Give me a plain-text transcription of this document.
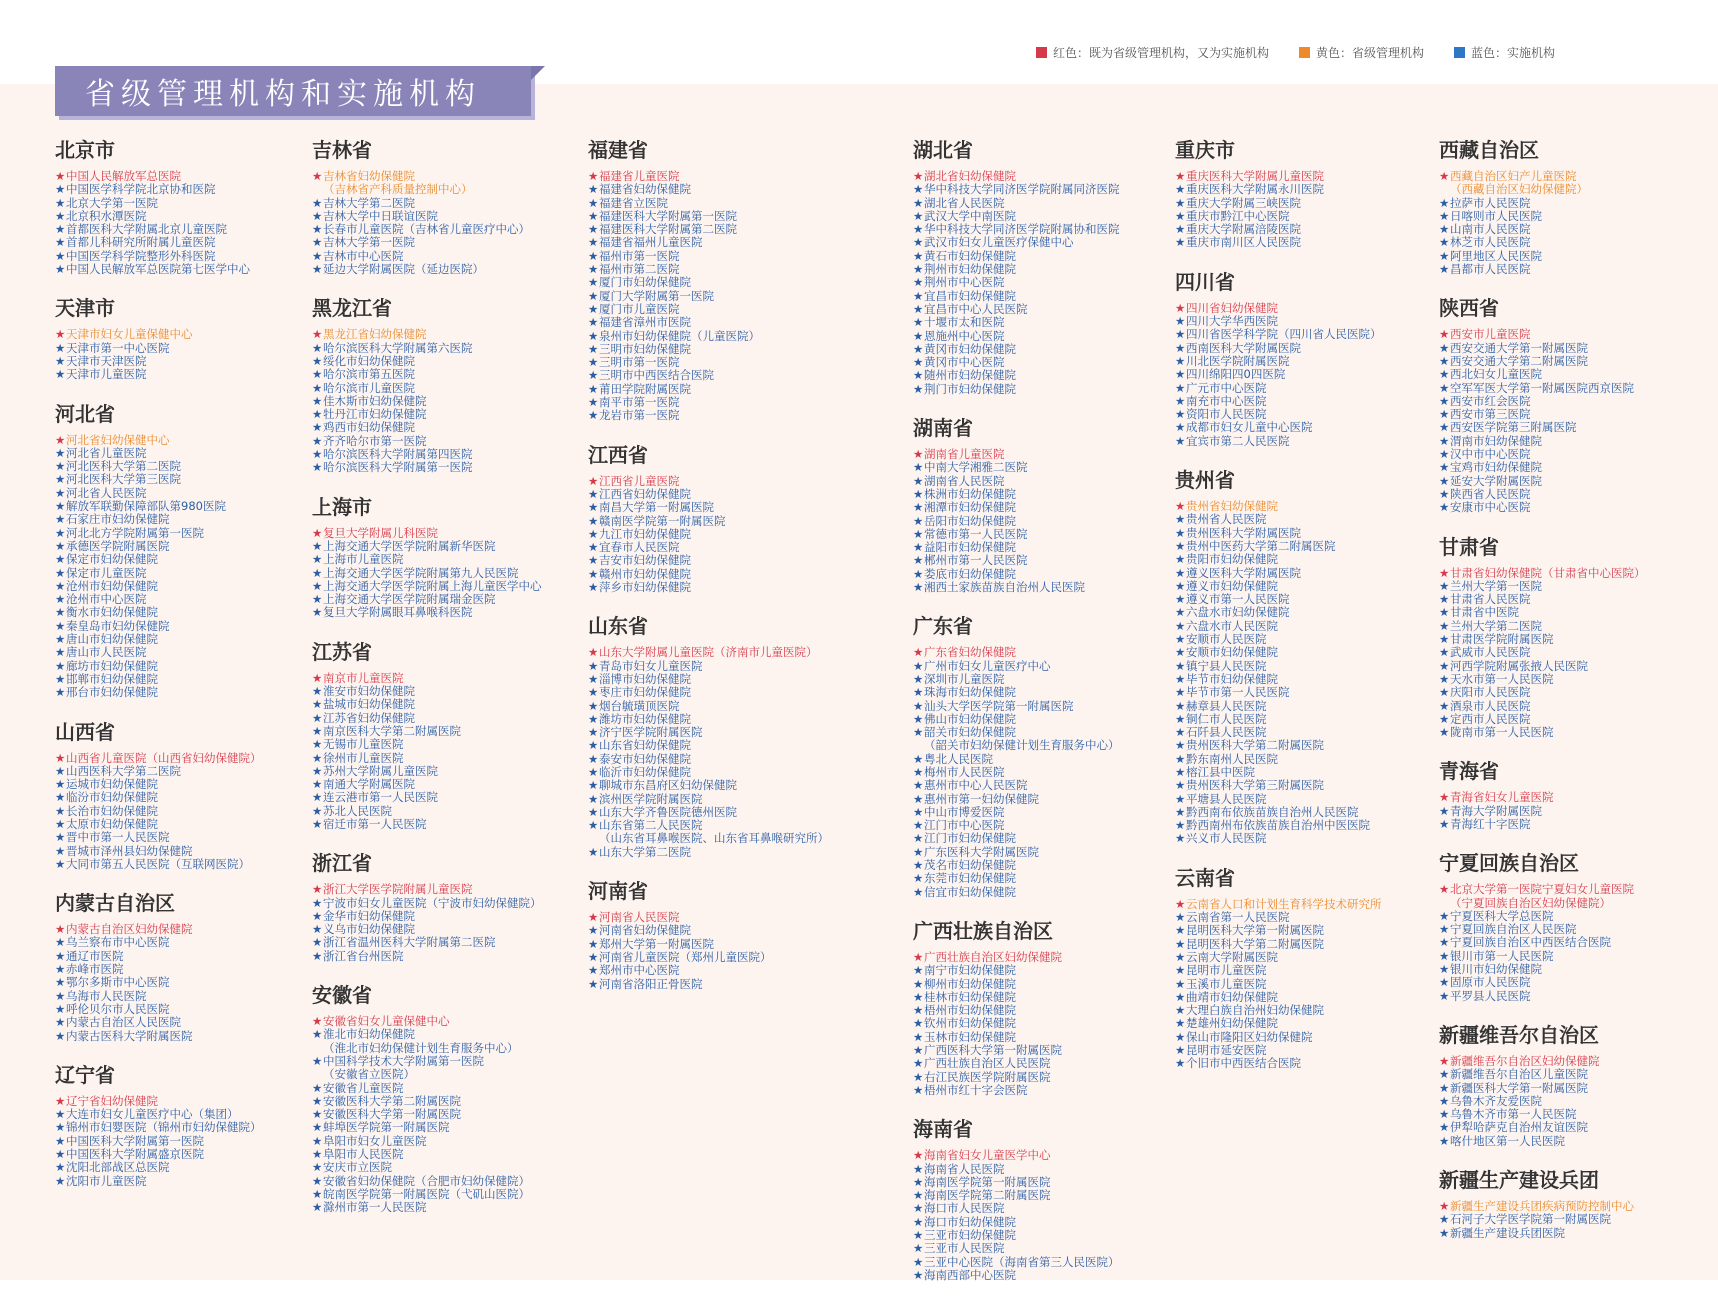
红色：既为省级管理机构，又为实施机构	黄色：省级管理机构	蓝色：实施机构
省级管理机构和实施机构
北京市
★中国人民解放军总医院
★中国医学科学院北京协和医院
★北京大学第一医院
★北京积水潭医院
★首都医科大学附属北京儿童医院
★首都儿科研究所附属儿童医院
★中国医学科学院整形外科医院
★中国人民解放军总医院第七医学中心
天津市
★天津市妇女儿童保健中心
★天津市第一中心医院
★天津市天津医院
★天津市儿童医院
河北省
★河北省妇幼保健中心
★河北省儿童医院
★河北医科大学第二医院
★河北医科大学第三医院
★河北省人民医院
★解放军联勤保障部队第980医院
★石家庄市妇幼保健院
★河北北方学院附属第一医院
★承德医学院附属医院
★保定市妇幼保健院
★保定市儿童医院
★沧州市妇幼保健院
★沧州市中心医院
★衡水市妇幼保健院
★秦皇岛市妇幼保健院
★唐山市妇幼保健院
★唐山市人民医院
★廊坊市妇幼保健院
★邯郸市妇幼保健院
★邢台市妇幼保健院
山西省
★山西省儿童医院（山西省妇幼保健院）
★山西医科大学第二医院
★运城市妇幼保健院
★临汾市妇幼保健院
★长治市妇幼保健院
★太原市妇幼保健院
★晋中市第一人民医院
★晋城市泽州县妇幼保健院
★大同市第五人民医院（互联网医院）
内蒙古自治区
★内蒙古自治区妇幼保健院
★乌兰察布市中心医院
★通辽市医院
★赤峰市医院
★鄂尔多斯市中心医院
★乌海市人民医院
★呼伦贝尔市人民医院
★内蒙古自治区人民医院
★内蒙古医科大学附属医院
辽宁省
★辽宁省妇幼保健院
★大连市妇女儿童医疗中心（集团）
★锦州市妇婴医院（锦州市妇幼保健院）
★中国医科大学附属第一医院
★中国医科大学附属盛京医院
★沈阳北部战区总医院
★沈阳市儿童医院
吉林省
★吉林省妇幼保健院
（吉林省产科质量控制中心）
★吉林大学第二医院
★吉林大学中日联谊医院
★长春市儿童医院（吉林省儿童医疗中心）
★吉林大学第一医院
★吉林市中心医院
★延边大学附属医院（延边医院）
黑龙江省
★黑龙江省妇幼保健院
★哈尔滨医科大学附属第六医院
★绥化市妇幼保健院
★哈尔滨市第五医院
★哈尔滨市儿童医院
★佳木斯市妇幼保健院
★牡丹江市妇幼保健院
★鸡西市妇幼保健院
★齐齐哈尔市第一医院
★哈尔滨医科大学附属第四医院
★哈尔滨医科大学附属第一医院
上海市
★复旦大学附属儿科医院
★上海交通大学医学院附属新华医院
★上海市儿童医院
★上海交通大学医学院附属第九人民医院
★上海交通大学医学院附属上海儿童医学中心
★上海交通大学医学院附属瑞金医院
★复旦大学附属眼耳鼻喉科医院
江苏省
★南京市儿童医院
★淮安市妇幼保健院
★盐城市妇幼保健院
★江苏省妇幼保健院
★南京医科大学第二附属医院
★无锡市儿童医院
★徐州市儿童医院
★苏州大学附属儿童医院
★南通大学附属医院
★连云港市第一人民医院
★苏北人民医院
★宿迁市第一人民医院
浙江省
★浙江大学医学院附属儿童医院
★宁波市妇女儿童医院（宁波市妇幼保健院）
★金华市妇幼保健院
★义乌市妇幼保健院
★浙江省温州医科大学附属第二医院
★浙江省台州医院
安徽省
★安徽省妇女儿童保健中心
★淮北市妇幼保健院
（淮北市妇幼保健计划生育服务中心）
★中国科学技术大学附属第一医院
（安徽省立医院）
★安徽省儿童医院
★安徽医科大学第二附属医院
★安徽医科大学第一附属医院
★蚌埠医学院第一附属医院
★阜阳市妇女儿童医院
★阜阳市人民医院
★安庆市立医院
★安徽省妇幼保健院（合肥市妇幼保健院）
★皖南医学院第一附属医院（弋矶山医院）
★滁州市第一人民医院
福建省
★福建省儿童医院
★福建省妇幼保健院
★福建省立医院
★福建医科大学附属第一医院
★福建医科大学附属第二医院
★福建省福州儿童医院
★福州市第一医院
★福州市第二医院
★厦门市妇幼保健院
★厦门大学附属第一医院
★厦门市儿童医院
★福建省漳州市医院
★泉州市妇幼保健院（儿童医院）
★三明市妇幼保健院
★三明市第一医院
★三明市中西医结合医院
★莆田学院附属医院
★南平市第一医院
★龙岩市第一医院
江西省
★江西省儿童医院
★江西省妇幼保健院
★南昌大学第一附属医院
★赣南医学院第一附属医院
★九江市妇幼保健院
★宜春市人民医院
★吉安市妇幼保健院
★赣州市妇幼保健院
★萍乡市妇幼保健院
山东省
★山东大学附属儿童医院（济南市儿童医院）
★青岛市妇女儿童医院
★淄博市妇幼保健院
★枣庄市妇幼保健院
★烟台毓璜顶医院
★潍坊市妇幼保健院
★济宁医学院附属医院
★山东省妇幼保健院
★泰安市妇幼保健院
★临沂市妇幼保健院
★聊城市东昌府区妇幼保健院
★滨州医学院附属医院
★山东大学齐鲁医院德州医院
★山东省第二人民医院
（山东省耳鼻喉医院、山东省耳鼻喉研究所）
★山东大学第二医院
河南省
★河南省人民医院
★河南省妇幼保健院
★郑州大学第一附属医院
★河南省儿童医院（郑州儿童医院）
★郑州市中心医院
★河南省洛阳正骨医院
湖北省
★湖北省妇幼保健院
★华中科技大学同济医学院附属同济医院
★湖北省人民医院
★武汉大学中南医院
★华中科技大学同济医学院附属协和医院
★武汉市妇女儿童医疗保健中心
★黄石市妇幼保健院
★荆州市妇幼保健院
★荆州市中心医院
★宜昌市妇幼保健院
★宜昌市中心人民医院
★十堰市太和医院
★恩施州中心医院
★黄冈市妇幼保健院
★黄冈市中心医院
★随州市妇幼保健院
★荆门市妇幼保健院
湖南省
★湖南省儿童医院
★中南大学湘雅二医院
★湖南省人民医院
★株洲市妇幼保健院
★湘潭市妇幼保健院
★岳阳市妇幼保健院
★常德市第一人民医院
★益阳市妇幼保健院
★郴州市第一人民医院
★娄底市妇幼保健院
★湘西土家族苗族自治州人民医院
广东省
★广东省妇幼保健院
★广州市妇女儿童医疗中心
★深圳市儿童医院
★珠海市妇幼保健院
★汕头大学医学院第一附属医院
★佛山市妇幼保健院
★韶关市妇幼保健院
（韶关市妇幼保健计划生育服务中心）
★粤北人民医院
★梅州市人民医院
★惠州市中心人民医院
★惠州市第一妇幼保健院
★中山市博爱医院
★江门市中心医院
★江门市妇幼保健院
★广东医科大学附属医院
★茂名市妇幼保健院
★东莞市妇幼保健院
★信宜市妇幼保健院
广西壮族自治区
★广西壮族自治区妇幼保健院
★南宁市妇幼保健院
★柳州市妇幼保健院
★桂林市妇幼保健院
★梧州市妇幼保健院
★钦州市妇幼保健院
★玉林市妇幼保健院
★广西医科大学第一附属医院
★广西壮族自治区人民医院
★右江民族医学院附属医院
★梧州市红十字会医院
海南省
★海南省妇女儿童医学中心
★海南省人民医院
★海南医学院第一附属医院
★海南医学院第二附属医院
★海口市人民医院
★海口市妇幼保健院
★三亚市妇幼保健院
★三亚市人民医院
★三亚中心医院（海南省第三人民医院）
★海南西部中心医院
重庆市
★重庆医科大学附属儿童医院
★重庆医科大学附属永川医院
★重庆大学附属三峡医院
★重庆市黔江中心医院
★重庆大学附属涪陵医院
★重庆市南川区人民医院
四川省
★四川省妇幼保健院
★四川大学华西医院
★四川省医学科学院（四川省人民医院）
★西南医科大学附属医院
★川北医学院附属医院
★四川绵阳四0四医院
★广元市中心医院
★南充市中心医院
★资阳市人民医院
★成都市妇女儿童中心医院
★宜宾市第二人民医院
贵州省
★贵州省妇幼保健院
★贵州省人民医院
★贵州医科大学附属医院
★贵州中医药大学第二附属医院
★贵阳市妇幼保健院
★遵义医科大学附属医院
★遵义市妇幼保健院
★遵义市第一人民医院
★六盘水市妇幼保健院
★六盘水市人民医院
★安顺市人民医院
★安顺市妇幼保健院
★镇宁县人民医院
★毕节市妇幼保健院
★毕节市第一人民医院
★赫章县人民医院
★铜仁市人民医院
★石阡县人民医院
★贵州医科大学第二附属医院
★黔东南州人民医院
★榕江县中医院
★贵州医科大学第三附属医院
★平塘县人民医院
★黔西南布依族苗族自治州人民医院
★黔西南州布依族苗族自治州中医医院
★兴义市人民医院
云南省
★云南省人口和计划生育科学技术研究所
★云南省第一人民医院
★昆明医科大学第一附属医院
★昆明医科大学第二附属医院
★云南大学附属医院
★昆明市儿童医院
★玉溪市儿童医院
★曲靖市妇幼保健院
★大理白族自治州妇幼保健院
★楚雄州妇幼保健院
★保山市隆阳区妇幼保健院
★昆明市延安医院
★个旧市中西医结合医院
西藏自治区
★西藏自治区妇产儿童医院
（西藏自治区妇幼保健院）
★拉萨市人民医院
★日喀则市人民医院
★山南市人民医院
★林芝市人民医院
★阿里地区人民医院
★昌都市人民医院
陕西省
★西安市儿童医院
★西安交通大学第一附属医院
★西安交通大学第二附属医院
★西北妇女儿童医院
★空军军医大学第一附属医院西京医院
★西安市红会医院
★西安市第三医院
★西安医学院第三附属医院
★渭南市妇幼保健院
★汉中市中心医院
★宝鸡市妇幼保健院
★延安大学附属医院
★陕西省人民医院
★安康市中心医院
甘肃省
★甘肃省妇幼保健院（甘肃省中心医院）
★兰州大学第一医院
★甘肃省人民医院
★甘肃省中医院
★兰州大学第二医院
★甘肃医学院附属医院
★武威市人民医院
★河西学院附属张掖人民医院
★天水市第一人民医院
★庆阳市人民医院
★酒泉市人民医院
★定西市人民医院
★陇南市第一人民医院
青海省
★青海省妇女儿童医院
★青海大学附属医院
★青海红十字医院
宁夏回族自治区
★北京大学第一医院宁夏妇女儿童医院
（宁夏回族自治区妇幼保健院）
★宁夏医科大学总医院
★宁夏回族自治区人民医院
★宁夏回族自治区中西医结合医院
★银川市第一人民医院
★银川市妇幼保健院
★固原市人民医院
★平罗县人民医院
新疆维吾尔自治区
★新疆维吾尔自治区妇幼保健院
★新疆维吾尔自治区儿童医院
★新疆医科大学第一附属医院
★乌鲁木齐友爱医院
★乌鲁木齐市第一人民医院
★伊犁哈萨克自治州友谊医院
★喀什地区第一人民医院
新疆生产建设兵团
★新疆生产建设兵团疾病预防控制中心
★石河子大学医学院第一附属医院
★新疆生产建设兵团医院
